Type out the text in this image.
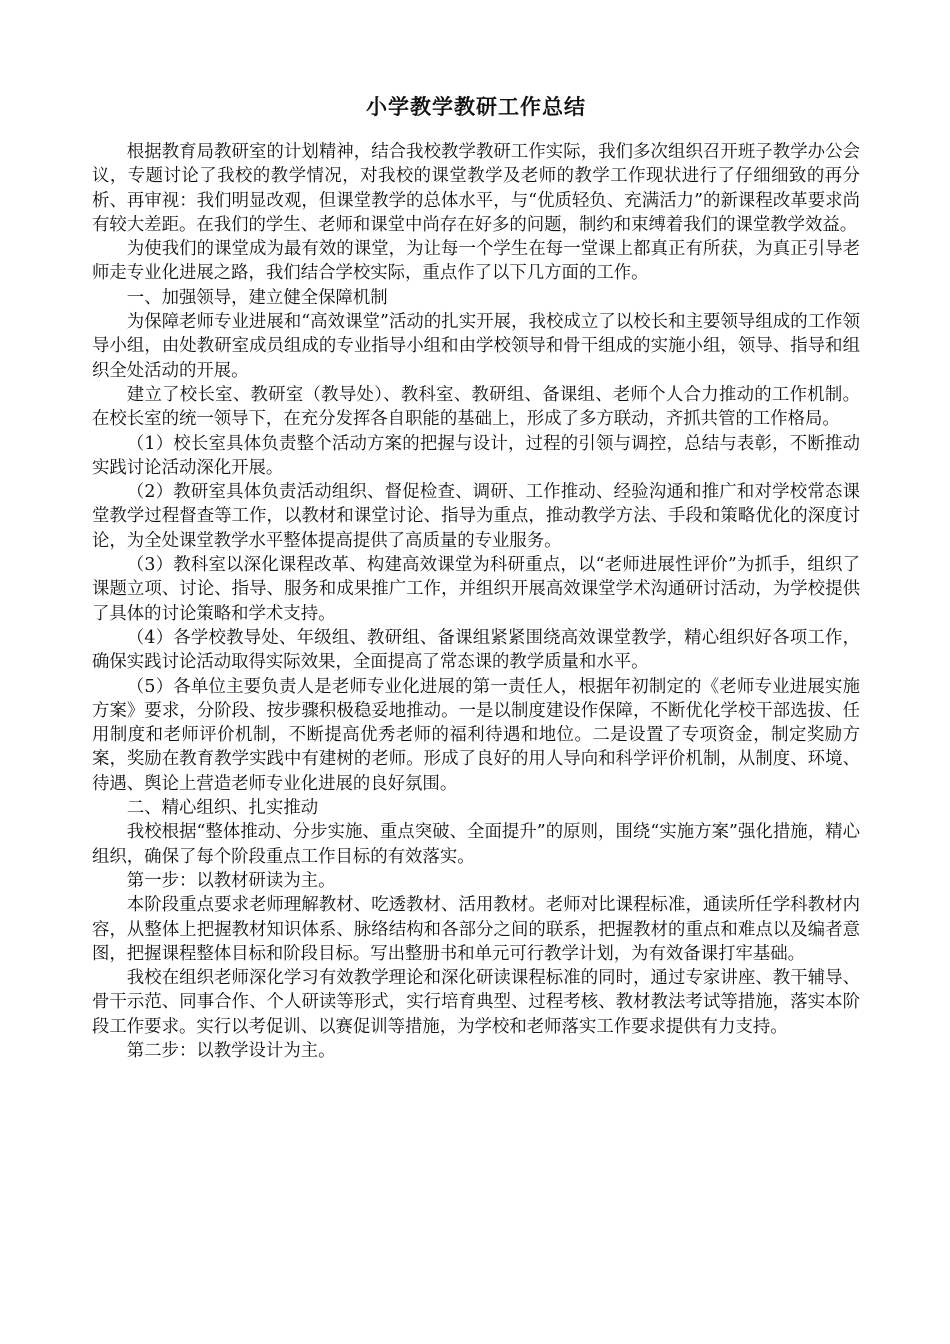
小学教学教研工作总结

根据教育局教研室的计划精神，结合我校教学教研工作实际，我们多次组织召开班子教学办公会议，专题讨论了我校的教学情况，对我校的课堂教学及老师的教学工作现状进行了仔细细致的再分析、再审视：我们明显改观，但课堂教学的总体水平，与“优质轻负、充满活力”的新课程改革要求尚有较大差距。在我们的学生、老师和课堂中尚存在好多的问题，制约和束缚着我们的课堂教学效益。

为使我们的课堂成为最有效的课堂，为让每一个学生在每一堂课上都真正有所获，为真正引导老师走专业化进展之路，我们结合学校实际，重点作了以下几方面的工作。

一、加强领导，建立健全保障机制

为保障老师专业进展和“高效课堂”活动的扎实开展，我校成立了以校长和主要领导组成的工作领导小组，由处教研室成员组成的专业指导小组和由学校领导和骨干组成的实施小组，领导、指导和组织全处活动的开展。

建立了校长室、教研室（教导处）、教科室、教研组、备课组、老师个人合力推动的工作机制。在校长室的统一领导下，在充分发挥各自职能的基础上，形成了多方联动，齐抓共管的工作格局。

（1）校长室具体负责整个活动方案的把握与设计，过程的引领与调控，总结与表彰，不断推动实践讨论活动深化开展。

（2）教研室具体负责活动组织、督促检查、调研、工作推动、经验沟通和推广和对学校常态课堂教学过程督查等工作，以教材和课堂讨论、指导为重点，推动教学方法、手段和策略优化的深度讨论，为全处课堂教学水平整体提高提供了高质量的专业服务。

（3）教科室以深化课程改革、构建高效课堂为科研重点，以“老师进展性评价”为抓手，组织了课题立项、讨论、指导、服务和成果推广工作，并组织开展高效课堂学术沟通研讨活动，为学校提供了具体的讨论策略和学术支持。

（4）各学校教导处、年级组、教研组、备课组紧紧围绕高效课堂教学，精心组织好各项工作，确保实践讨论活动取得实际效果，全面提高了常态课的教学质量和水平。

（5）各单位主要负责人是老师专业化进展的第一责任人，根据年初制定的《老师专业进展实施方案》要求，分阶段、按步骤积极稳妥地推动。一是以制度建设作保障，不断优化学校干部选拔、任用制度和老师评价机制，不断提高优秀老师的福利待遇和地位。二是设置了专项资金，制定奖励方案，奖励在教育教学实践中有建树的老师。形成了良好的用人导向和科学评价机制，从制度、环境、待遇、舆论上营造老师专业化进展的良好氛围。

二、精心组织、扎实推动

我校根据“整体推动、分步实施、重点突破、全面提升”的原则，围绕“实施方案”强化措施，精心组织，确保了每个阶段重点工作目标的有效落实。

第一步：以教材研读为主。

本阶段重点要求老师理解教材、吃透教材、活用教材。老师对比课程标准，通读所任学科教材内容，从整体上把握教材知识体系、脉络结构和各部分之间的联系，把握教材的重点和难点以及编者意图，把握课程整体目标和阶段目标。写出整册书和单元可行教学计划，为有效备课打牢基础。

我校在组织老师深化学习有效教学理论和深化研读课程标准的同时，通过专家讲座、教干辅导、骨干示范、同事合作、个人研读等形式，实行培育典型、过程考核、教材教法考试等措施，落实本阶段工作要求。实行以考促训、以赛促训等措施，为学校和老师落实工作要求提供有力支持。

第二步：以教学设计为主。
